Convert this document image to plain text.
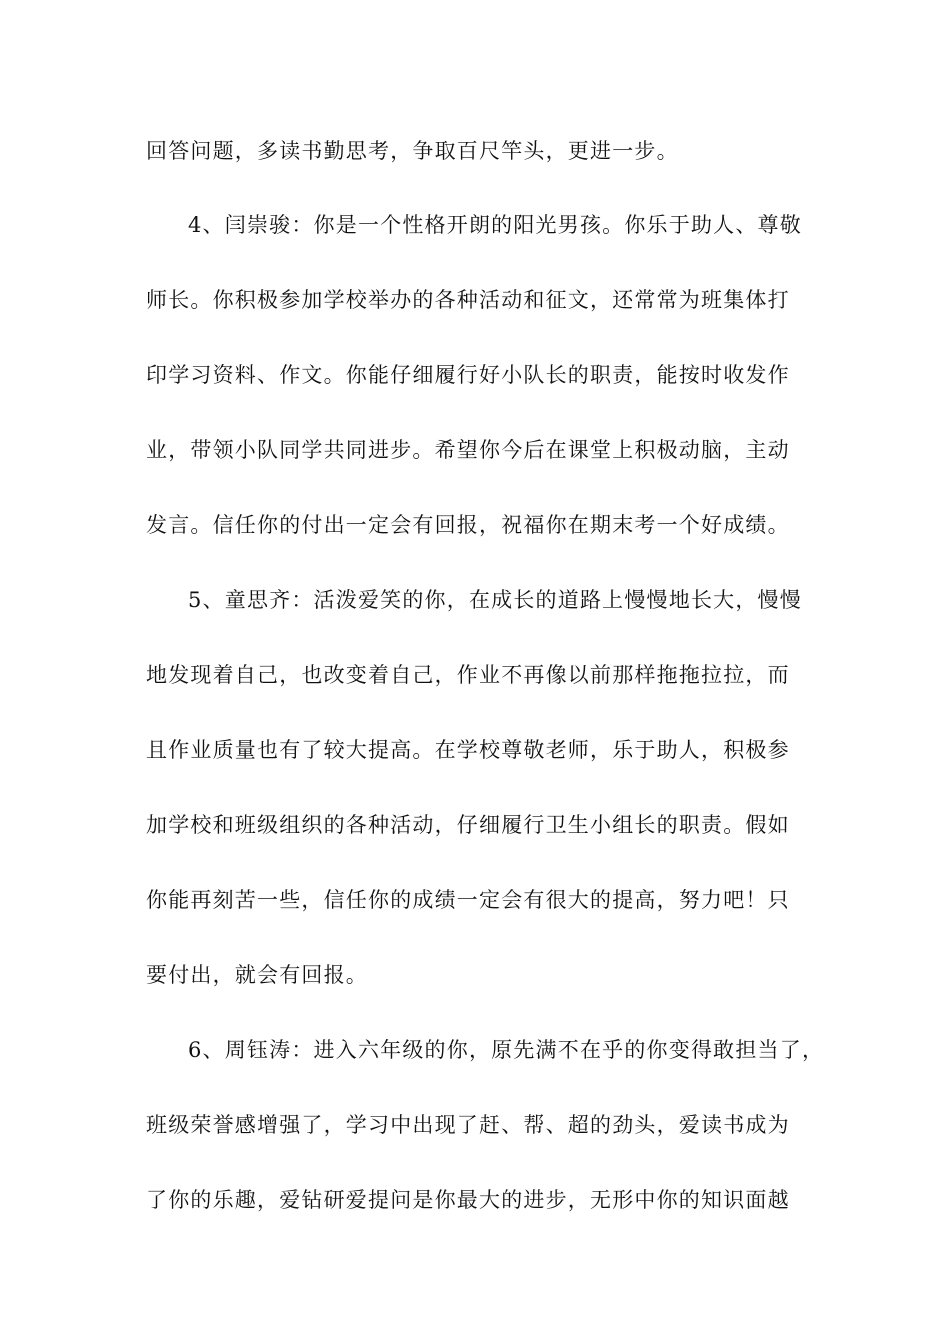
回答问题，多读书勤思考，争取百尺竿头，更进一步。
4、闫崇骏：你是一个性格开朗的阳光男孩。你乐于助人、尊敬
师长。你积极参加学校举办的各种活动和征文，还常常为班集体打
印学习资料、作文。你能仔细履行好小队长的职责，能按时收发作
业，带领小队同学共同进步。希望你今后在课堂上积极动脑，主动
发言。信任你的付出一定会有回报，祝福你在期末考一个好成绩。
5、童思齐：活泼爱笑的你，在成长的道路上慢慢地长大，慢慢
地发现着自己，也改变着自己，作业不再像以前那样拖拖拉拉，而
且作业质量也有了较大提高。在学校尊敬老师，乐于助人，积极参
加学校和班级组织的各种活动，仔细履行卫生小组长的职责。假如
你能再刻苦一些，信任你的成绩一定会有很大的提高，努力吧！只
要付出，就会有回报。
6、周钰涛：进入六年级的你，原先满不在乎的你变得敢担当了，
班级荣誉感增强了，学习中出现了赶、帮、超的劲头，爱读书成为
了你的乐趣，爱钻研爱提问是你最大的进步，无形中你的知识面越
